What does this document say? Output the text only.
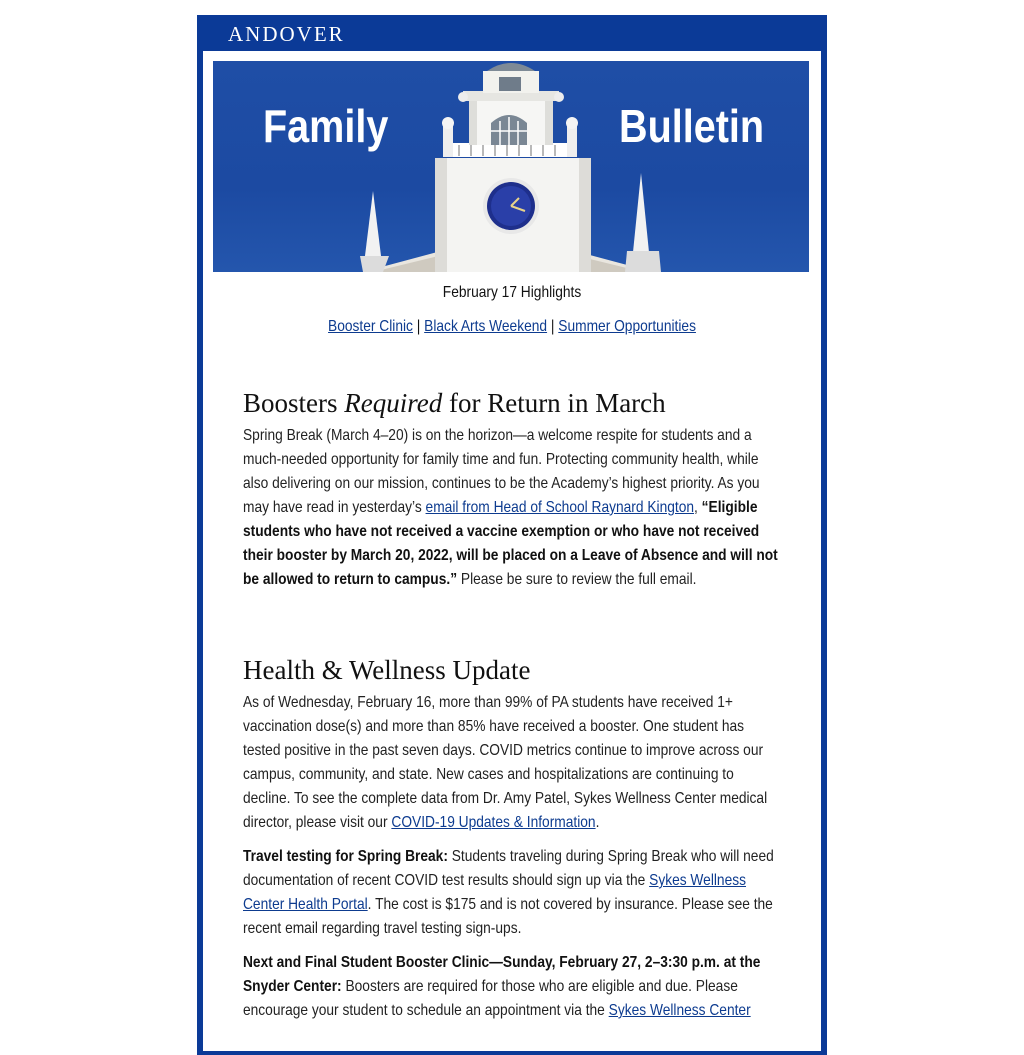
ANDOVER
Family	Bulletin
February 17 Highlights
Booster Clinic | Black Arts Weekend | Summer Opportunities
Boosters Required for Return in March

Spring Break (March 4–20) is on the horizon—a welcome respite for students and a much-needed opportunity for family time and fun. Protecting community health, while also delivering on our mission, continues to be the Academy’s highest priority. As you may have read in yesterday’s email from Head of School Raynard Kington, “Eligible students who have not received a vaccine exemption or who have not received their booster by March 20, 2022, will be placed on a Leave of Absence and will not be allowed to return to campus.” Please be sure to review the full email.

Health & Wellness Update

As of Wednesday, February 16, more than 99% of PA students have received 1+ vaccination dose(s) and more than 85% have received a booster. One student has tested positive in the past seven days. COVID metrics continue to improve across our campus, community, and state. New cases and hospitalizations are continuing to decline. To see the complete data from Dr. Amy Patel, Sykes Wellness Center medical director, please visit our COVID-19 Updates & Information.

Travel testing for Spring Break: Students traveling during Spring Break who will need documentation of recent COVID test results should sign up via the Sykes Wellness Center Health Portal. The cost is $175 and is not covered by insurance. Please see the recent email regarding travel testing sign-ups.

Next and Final Student Booster Clinic—Sunday, February 27, 2–3:30 p.m. at the Snyder Center: Boosters are required for those who are eligible and due. Please encourage your student to schedule an appointment via the Sykes Wellness Center
